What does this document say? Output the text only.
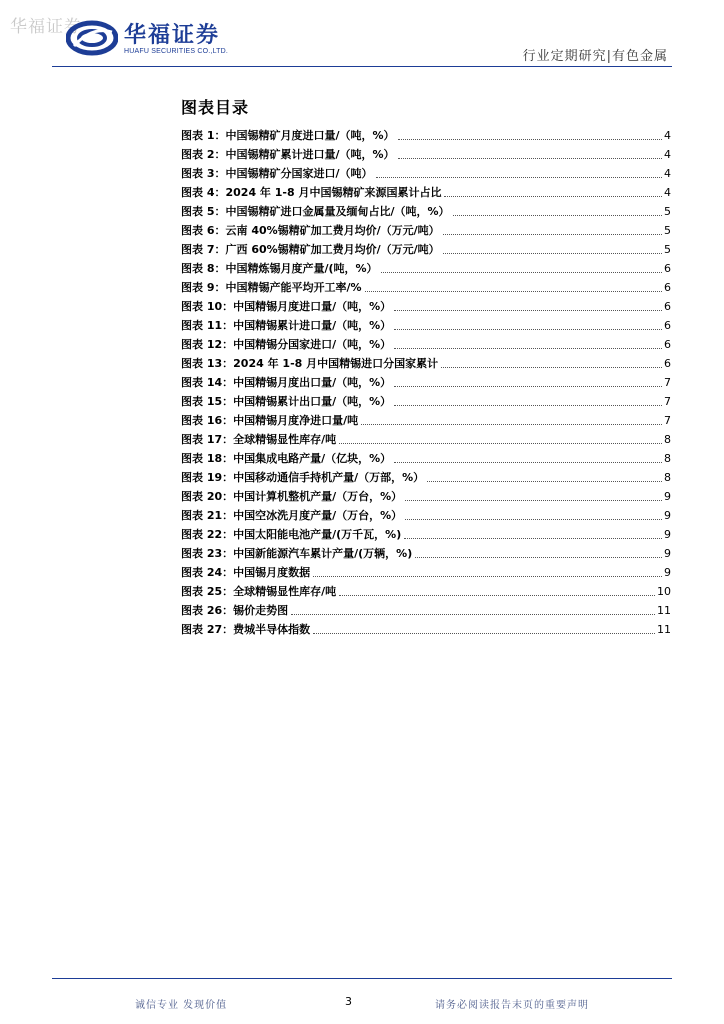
华福证券 华福证券
HUAFU SECURITIES CO.,LTD.	行业定期研究|有色金属
图表目录
图表 1：中国锡精矿月度进口量/（吨，%）	4
图表 2：中国锡精矿累计进口量/（吨，%）	4
图表 3：中国锡精矿分国家进口/（吨）	4
图表 4：2024 年 1-8 月中国锡精矿来源国累计占比	4
图表 5：中国锡精矿进口金属量及缅甸占比/（吨，%）	5
图表 6：云南 40%锡精矿加工费月均价/（万元/吨）	5
图表 7：广西 60%锡精矿加工费月均价/（万元/吨）	5
图表 8：中国精炼锡月度产量/(吨，%）	6
图表 9：中国精锡产能平均开工率/%	6
图表 10：中国精锡月度进口量/（吨，%）	6
图表 11：中国精锡累计进口量/（吨，%）	6
图表 12：中国精锡分国家进口/（吨，%）	6
图表 13：2024 年 1-8 月中国精锡进口分国家累计	6
图表 14：中国精锡月度出口量/（吨，%）	7
图表 15：中国精锡累计出口量/（吨，%）	7
图表 16：中国精锡月度净进口量/吨	7
图表 17：全球精锡显性库存/吨	8
图表 18：中国集成电路产量/（亿块，%）	8
图表 19：中国移动通信手持机产量/（万部，%）	8
图表 20：中国计算机整机产量/（万台，%）	9
图表 21：中国空冰洗月度产量/（万台，%）	9
图表 22：中国太阳能电池产量/(万千瓦，%)	9
图表 23：中国新能源汽车累计产量/(万辆，%)	9
图表 24：中国锡月度数据	9
图表 25：全球精锡显性库存/吨	10
图表 26：锡价走势图	11
图表 27：费城半导体指数	11
诚信专业 发现价值	3	请务必阅读报告末页的重要声明
